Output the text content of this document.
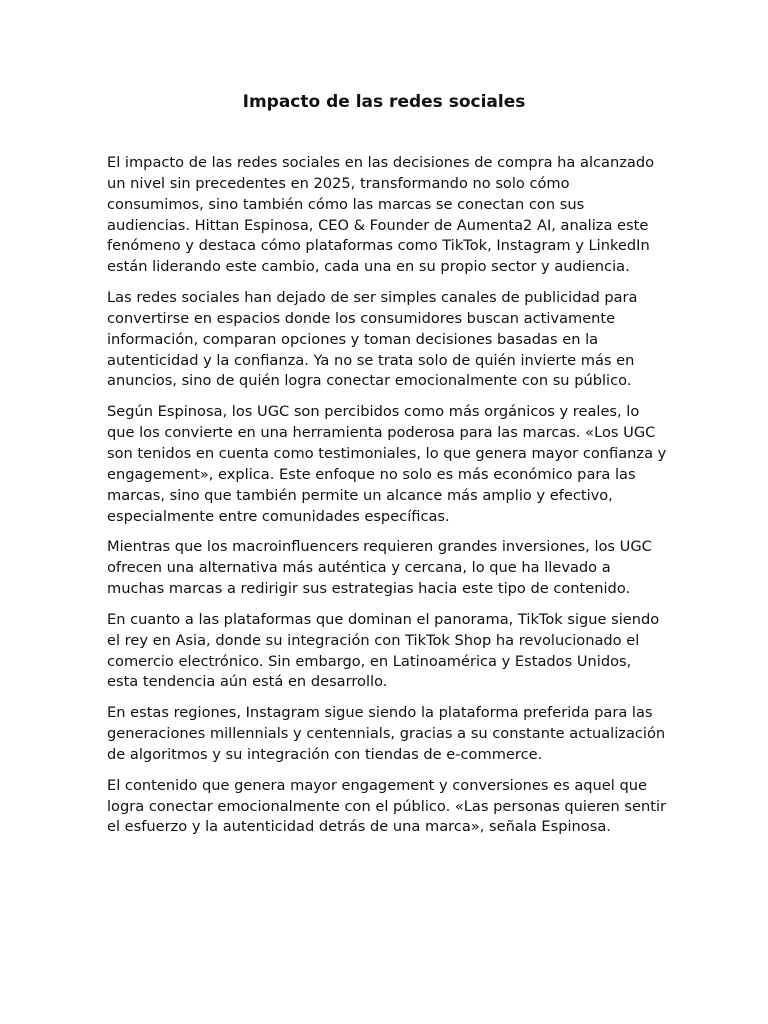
Impacto de las redes sociales

El impacto de las redes sociales en las decisiones de compra ha alcanzado un nivel sin precedentes en 2025, transformando no solo cómo consumimos, sino también cómo las marcas se conectan con sus audiencias. Hittan Espinosa, CEO & Founder de Aumenta2 AI, analiza este fenómeno y destaca cómo plataformas como TikTok, Instagram y LinkedIn están liderando este cambio, cada una en su propio sector y audiencia.

Las redes sociales han dejado de ser simples canales de publicidad para convertirse en espacios donde los consumidores buscan activamente información, comparan opciones y toman decisiones basadas en la autenticidad y la confianza. Ya no se trata solo de quién invierte más en anuncios, sino de quién logra conectar emocionalmente con su público.

Según Espinosa, los UGC son percibidos como más orgánicos y reales, lo que los convierte en una herramienta poderosa para las marcas. «Los UGC son tenidos en cuenta como testimoniales, lo que genera mayor confianza y engagement», explica. Este enfoque no solo es más económico para las marcas, sino que también permite un alcance más amplio y efectivo, especialmente entre comunidades específicas.

Mientras que los macroinfluencers requieren grandes inversiones, los UGC ofrecen una alternativa más auténtica y cercana, lo que ha llevado a muchas marcas a redirigir sus estrategias hacia este tipo de contenido.

En cuanto a las plataformas que dominan el panorama, TikTok sigue siendo el rey en Asia, donde su integración con TikTok Shop ha revolucionado el comercio electrónico. Sin embargo, en Latinoamérica y Estados Unidos, esta tendencia aún está en desarrollo.

En estas regiones, Instagram sigue siendo la plataforma preferida para las generaciones millennials y centennials, gracias a su constante actualización de algoritmos y su integración con tiendas de e-commerce.

El contenido que genera mayor engagement y conversiones es aquel que logra conectar emocionalmente con el público. «Las personas quieren sentir el esfuerzo y la autenticidad detrás de una marca», señala Espinosa.
